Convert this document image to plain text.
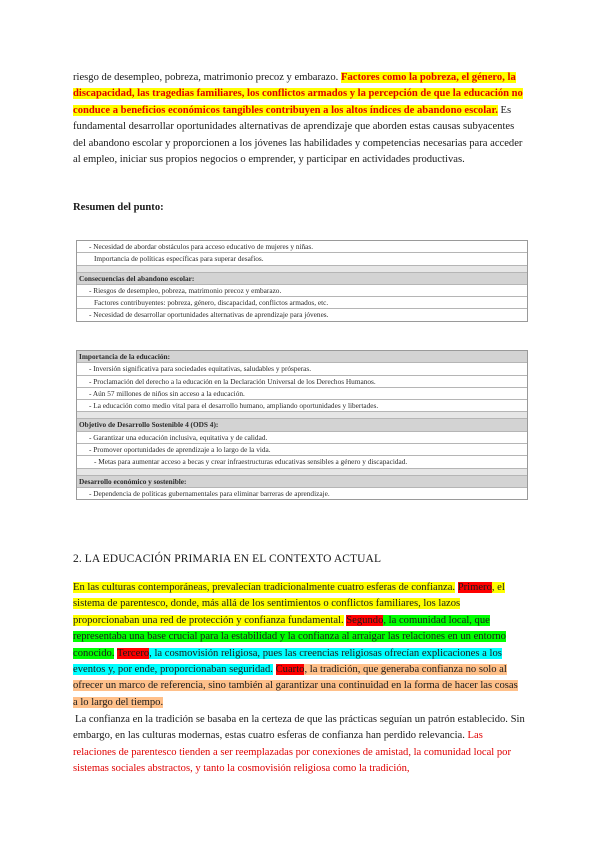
riesgo de desempleo, pobreza, matrimonio precoz y embarazo. Factores como la pobreza, el género, la discapacidad, las tragedias familiares, los conflictos armados y la percepción de que la educación no conduce a beneficios económicos tangibles contribuyen a los altos índices de abandono escolar. Es fundamental desarrollar oportunidades alternativas de aprendizaje que aborden estas causas subyacentes del abandono escolar y proporcionen a los jóvenes las habilidades y competencias necesarias para acceder al empleo, iniciar sus propios negocios o emprender, y participar en actividades productivas.

Resumen del punto:
- Necesidad de abordar obstáculos para acceso educativo de mujeres y niñas.
Importancia de políticas específicas para superar desafíos.
Consecuencias del abandono escolar:
- Riesgos de desempleo, pobreza, matrimonio precoz y embarazo.
Factores contribuyentes: pobreza, género, discapacidad, conflictos armados, etc.
- Necesidad de desarrollar oportunidades alternativas de aprendizaje para jóvenes.
Importancia de la educación:
- Inversión significativa para sociedades equitativas, saludables y prósperas.
- Proclamación del derecho a la educación en la Declaración Universal de los Derechos Humanos.
- Aún 57 millones de niños sin acceso a la educación.
- La educación como medio vital para el desarrollo humano, ampliando oportunidades y libertades.
Objetivo de Desarrollo Sostenible 4 (ODS 4):
- Garantizar una educación inclusiva, equitativa y de calidad.
- Promover oportunidades de aprendizaje a lo largo de la vida.
- Metas para aumentar acceso a becas y crear infraestructuras educativas sensibles a género y discapacidad.
Desarrollo económico y sostenible:
- Dependencia de políticas gubernamentales para eliminar barreras de aprendizaje.
2. LA EDUCACIÓN PRIMARIA EN EL CONTEXTO ACTUAL

En las culturas contemporáneas, prevalecían tradicionalmente cuatro esferas de confianza. Primero, el sistema de parentesco, donde, más allá de los sentimientos o conflictos familiares, los lazos proporcionaban una red de protección y confianza fundamental. Segundo, la comunidad local, que representaba una base crucial para la estabilidad y la confianza al arraigar las relaciones en un entorno conocido. Tercero, la cosmovisión religiosa, pues las creencias religiosas ofrecían explicaciones a los eventos y, por ende, proporcionaban seguridad. Cuarto, la tradición, que generaba confianza no solo al ofrecer un marco de referencia, sino también al garantizar una continuidad en la forma de hacer las cosas a lo largo del tiempo.

La confianza en la tradición se basaba en la certeza de que las prácticas seguían un patrón establecido. Sin embargo, en las culturas modernas, estas cuatro esferas de confianza han perdido relevancia. Las relaciones de parentesco tienden a ser reemplazadas por conexiones de amistad, la comunidad local por sistemas sociales abstractos, y tanto la cosmovisión religiosa como la tradición,
